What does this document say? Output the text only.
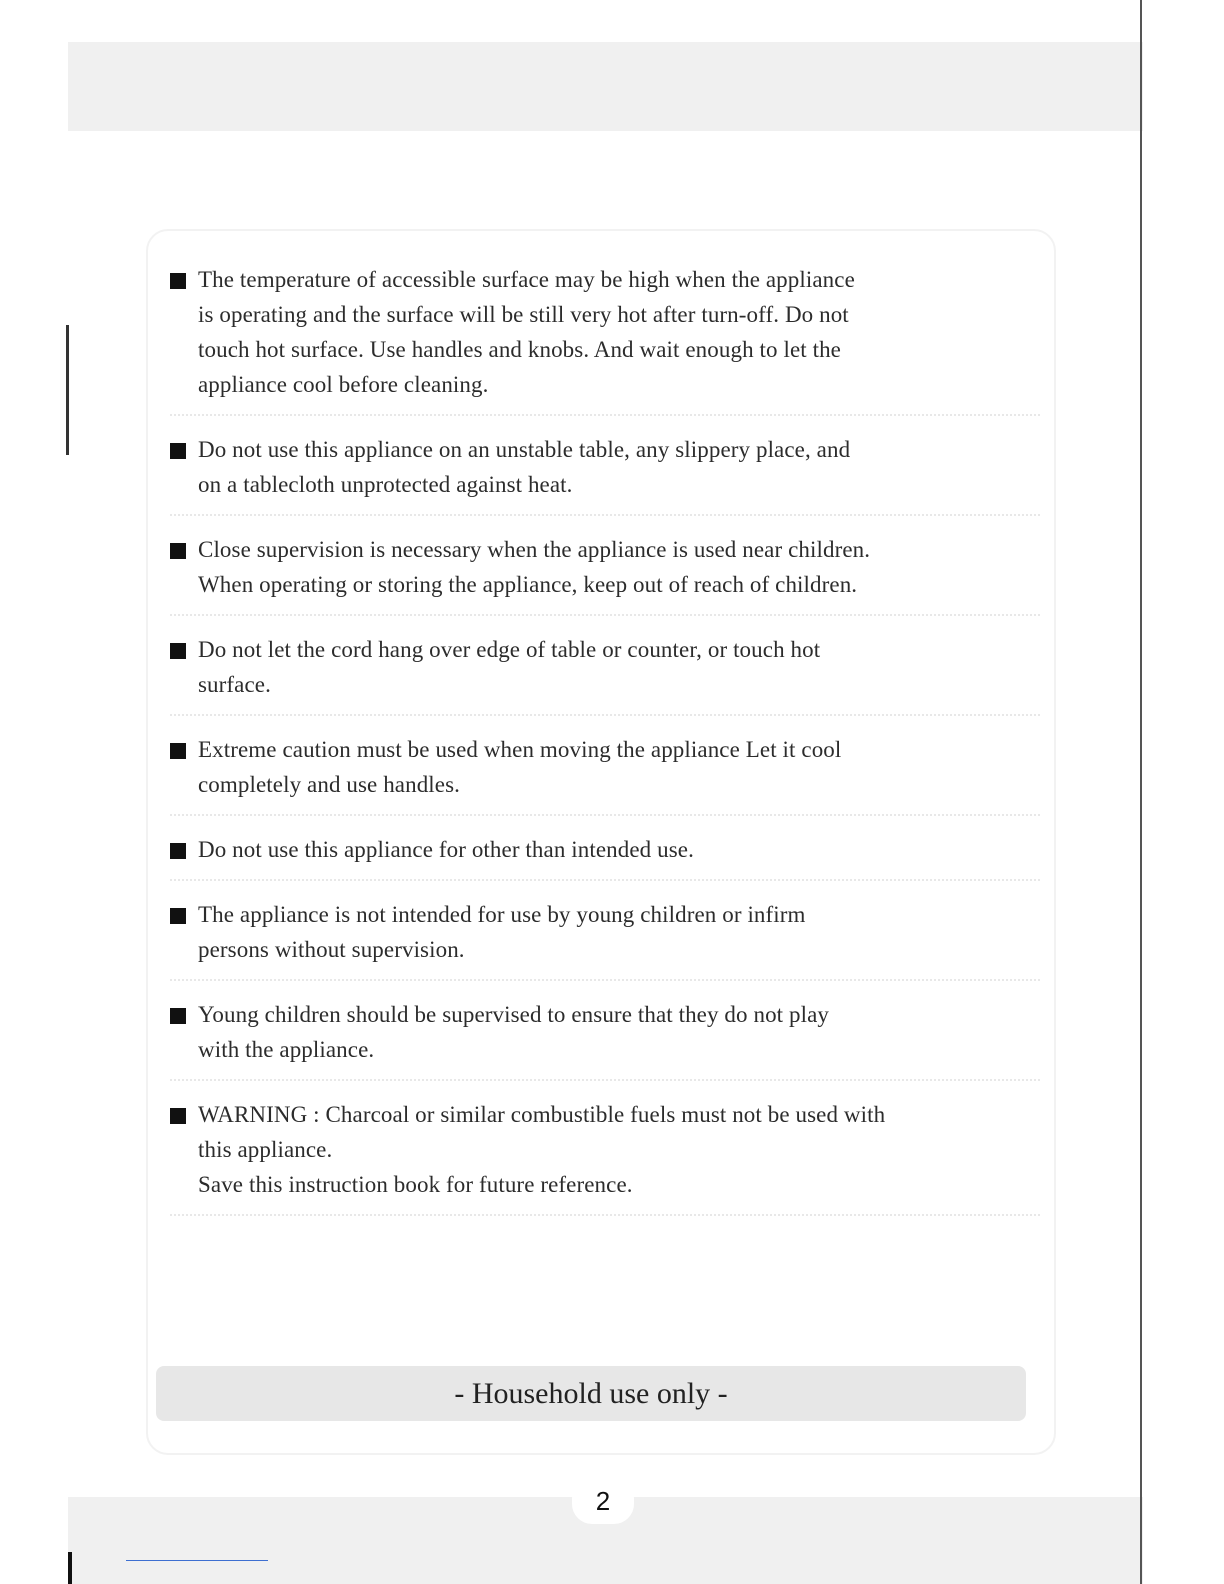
The temperature of accessible surface may be high when the appliance
is operating and the surface will be still very hot after turn-off. Do not
touch hot surface. Use handles and knobs. And wait enough to let the
appliance cool before cleaning.
Do not use this appliance on an unstable table, any slippery place, and
on a tablecloth unprotected against heat.
Close supervision is necessary when the appliance is used near children.
When operating or storing the appliance, keep out of reach of children.
Do not let the cord hang over edge of table or counter, or touch hot
surface.
Extreme caution must be used when moving the appliance Let it cool
completely and use handles.
Do not use this appliance for other than intended use.
The appliance is not intended for use by young children or infirm
persons without supervision.
Young children should be supervised to ensure that they do not play
with the appliance.
WARNING : Charcoal or similar combustible fuels must not be used with
this appliance.
Save this instruction book for future reference.
- Household use only -
2
